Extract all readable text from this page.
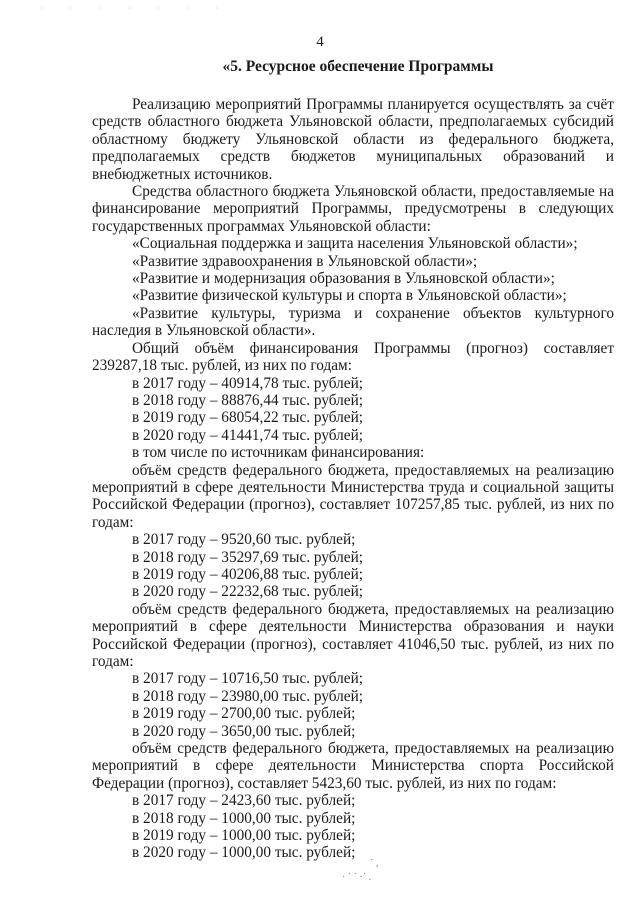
˙ ˙ ˙ ˙ ˙ ˙ ˙
4
«5. Ресурсное обеспечение Программы

Реализацию мероприятий Программы планируется осуществлять за счёт средств областного бюджета Ульяновской области, предполагаемых субсидий областному бюджету Ульяновской области из федерального бюджета, предполагаемых средств бюджетов муниципальных образований и внебюджетных источников.

Средства областного бюджета Ульяновской области, предоставляемые на финансирование мероприятий Программы, предусмотрены в следующих государственных программах Ульяновской области:

«Социальная поддержка и защита населения Ульяновской области»;

«Развитие здравоохранения в Ульяновской области»;

«Развитие и модернизация образования в Ульяновской области»;

«Развитие физической культуры и спорта в Ульяновской области»;

«Развитие культуры, туризма и сохранение объектов культурного наследия в Ульяновской области».

Общий объём финансирования Программы (прогноз) составляет 239287,18 тыс. рублей, из них по годам:

в 2017 году – 40914,78 тыс. рублей;

в 2018 году – 88876,44 тыс. рублей;

в 2019 году – 68054,22 тыс. рублей;

в 2020 году – 41441,74 тыс. рублей;

в том числе по источникам финансирования:

объём средств федерального бюджета, предоставляемых на реализацию мероприятий в сфере деятельности Министерства труда и социальной защиты Российской Федерации (прогноз), составляет 107257,85 тыс. рублей, из них по годам:

в 2017 году – 9520,60 тыс. рублей;

в 2018 году – 35297,69 тыс. рублей;

в 2019 году – 40206,88 тыс. рублей;

в 2020 году – 22232,68 тыс. рублей;

объём средств федерального бюджета, предоставляемых на реализацию мероприятий в сфере деятельности Министерства образования и науки Российской Федерации (прогноз), составляет 41046,50 тыс. рублей, из них по годам:

в 2017 году – 10716,50 тыс. рублей;

в 2018 году – 23980,00 тыс. рублей;

в 2019 году – 2700,00 тыс. рублей;

в 2020 году – 3650,00 тыс. рублей;

объём средств федерального бюджета, предоставляемых на реализацию мероприятий в сфере деятельности Министерства спорта Российской Федерации (прогноз), составляет 5423,60 тыс. рублей, из них по годам:

в 2017 году – 2423,60 тыс. рублей;

в 2018 году – 1000,00 тыс. рублей;

в 2019 году – 1000,00 тыс. рублей;

в 2020 году – 1000,00 тыс. рублей;

˙ ,
· ˙ ˙ ·˙ .
